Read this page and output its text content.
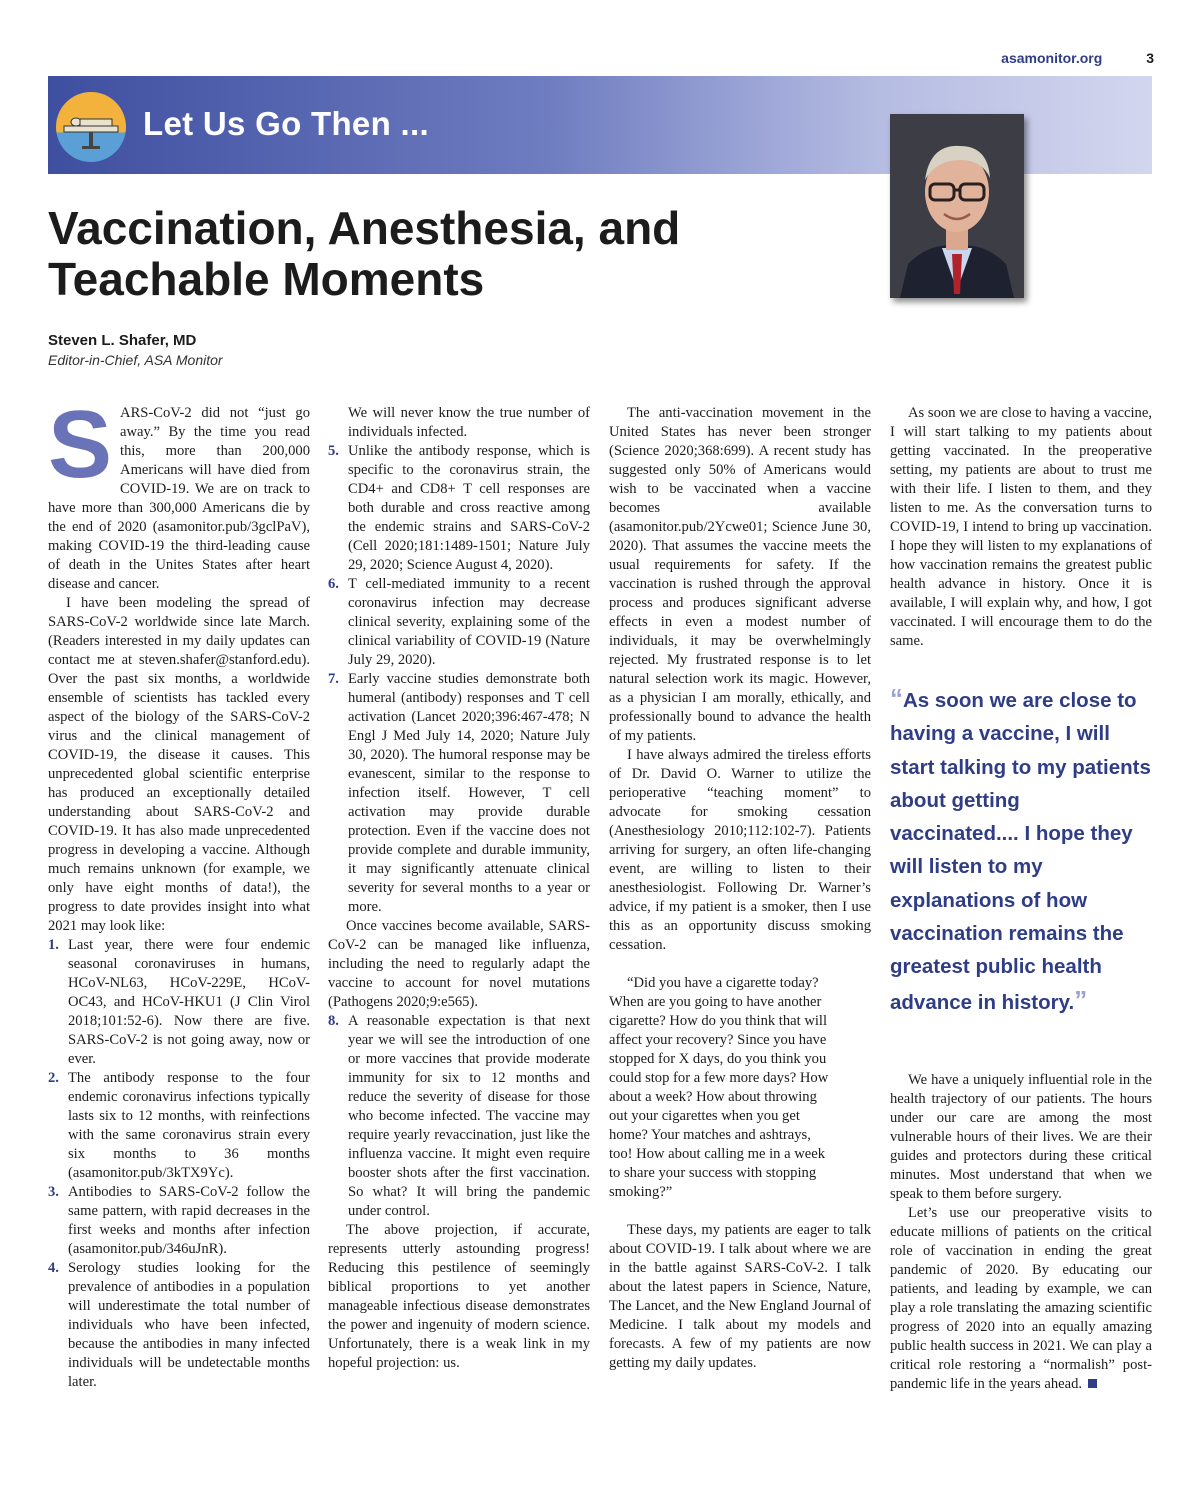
asamonitor.org	3
Let Us Go Then ...
Vaccination, Anesthesia, and Teachable Moments
Steven L. Shafer, MD
Editor-in-Chief, ASA Monitor

SARS-CoV-2 did not “just go away.” By the time you read this, more than 200,000 Americans will have died from COVID-19. We are on track to have more than 300,000 Americans die by the end of 2020 (asamonitor.pub/3gclPaV), making COVID-19 the third-leading cause of death in the Unites States after heart disease and cancer.

I have been modeling the spread of SARS-CoV-2 worldwide since late March. (Readers interested in my daily updates can contact me at steven.shafer@stanford.edu). Over the past six months, a worldwide ensemble of scientists has tackled every aspect of the biology of the SARS-CoV-2 virus and the clinical management of COVID-19, the disease it causes. This unprecedented global scientific enterprise has produced an exceptionally detailed understanding about SARS-CoV-2 and COVID-19. It has also made unprecedented progress in developing a vaccine. Although much remains unknown (for example, we only have eight months of data!), the progress to date provides insight into what 2021 may look like:

1. Last year, there were four endemic seasonal coronaviruses in humans, HCoV-NL63, HCoV-229E, HCoV-OC43, and HCoV-HKU1 (J Clin Virol 2018;101:52-6). Now there are five. SARS-CoV-2 is not going away, now or ever.
2. The antibody response to the four endemic coronavirus infections typically lasts six to 12 months, with reinfections with the same coronavirus strain every six months to 36 months (asamonitor.pub/3kTX9Yc).
3. Antibodies to SARS-CoV-2 follow the same pattern, with rapid decreases in the first weeks and months after infection (asamonitor.pub/346uJnR).
4. Serology studies looking for the prevalence of antibodies in a population will underestimate the total number of individuals who have been infected, because the antibodies in many infected individuals will be undetectable months later.
We will never know the true number of individuals infected.
5. Unlike the antibody response, which is specific to the coronavirus strain, the CD4+ and CD8+ T cell responses are both durable and cross reactive among the endemic strains and SARS-CoV-2 (Cell 2020;181:1489-1501; Nature July 29, 2020; Science August 4, 2020).
6. T cell-mediated immunity to a recent coronavirus infection may decrease clinical severity, explaining some of the clinical variability of COVID-19 (Nature July 29, 2020).
7. Early vaccine studies demonstrate both humeral (antibody) responses and T cell activation (Lancet 2020;396:467-478; N Engl J Med July 14, 2020; Nature July 30, 2020). The humoral response may be evanescent, similar to the response to infection itself. However, T cell activation may provide durable protection. Even if the vaccine does not provide complete and durable immunity, it may significantly attenuate clinical severity for several months to a year or more.

Once vaccines become available, SARS-CoV-2 can be managed like influenza, including the need to regularly adapt the vaccine to account for novel mutations (Pathogens 2020;9:e565).

8. A reasonable expectation is that next year we will see the introduction of one or more vaccines that provide moderate immunity for six to 12 months and reduce the severity of disease for those who become infected. The vaccine may require yearly revaccination, just like the influenza vaccine. It might even require booster shots after the first vaccination. So what? It will bring the pandemic under control.

The above projection, if accurate, represents utterly astounding progress! Reducing this pestilence of seemingly biblical proportions to yet another manageable infectious disease demonstrates the power and ingenuity of modern science. Unfortunately, there is a weak link in my hopeful projection: us.

The anti-vaccination movement in the United States has never been stronger (Science 2020;368:699). A recent study has suggested only 50% of Americans would wish to be vaccinated when a vaccine becomes available (asamonitor.pub/2Ycwe01; Science June 30, 2020). That assumes the vaccine meets the usual requirements for safety. If the vaccination is rushed through the approval process and produces significant adverse effects in even a modest number of individuals, it may be overwhelmingly rejected. My frustrated response is to let natural selection work its magic. However, as a physician I am morally, ethically, and professionally bound to advance the health of my patients.

I have always admired the tireless efforts of Dr. David O. Warner to utilize the perioperative “teaching moment” to advocate for smoking cessation (Anesthesiology 2010;112:102-7). Patients arriving for surgery, an often life-changing event, are willing to listen to their anesthesiologist. Following Dr. Warner’s advice, if my patient is a smoker, then I use this as an opportunity discuss smoking cessation.

“Did you have a cigarette today? When are you going to have another cigarette? How do you think that will affect your recovery? Since you have stopped for X days, do you think you could stop for a few more days? How about a week? How about throwing out your cigarettes when you get home? Your matches and ashtrays, too! How about calling me in a week to share your success with stopping smoking?”

These days, my patients are eager to talk about COVID-19. I talk about where we are in the battle against SARS-CoV-2. I talk about the latest papers in Science, Nature, The Lancet, and the New England Journal of Medicine. I talk about my models and forecasts. A few of my patients are now getting my daily updates.

As soon we are close to having a vaccine, I will start talking to my patients about getting vaccinated. In the preoperative setting, my patients are about to trust me with their life. I listen to them, and they listen to me. As the conversation turns to COVID-19, I intend to bring up vaccination. I hope they will listen to my explanations of how vaccination remains the greatest public health advance in history. Once it is available, I will explain why, and how, I got vaccinated. I will encourage them to do the same.

“As soon we are close to having a vaccine, I will start talking to my patients about getting vaccinated.... I hope they will listen to my explanations of how vaccination remains the greatest public health advance in history.”

We have a uniquely influential role in the health trajectory of our patients. The hours under our care are among the most vulnerable hours of their lives. We are their guides and protectors during these critical minutes. Most understand that when we speak to them before surgery.

Let’s use our preoperative visits to educate millions of patients on the critical role of vaccination in ending the great pandemic of 2020. By educating our patients, and leading by example, we can play a role translating the amazing scientific progress of 2020 into an equally amazing public health success in 2021. We can play a critical role restoring a “normalish” post-pandemic life in the years ahead.
